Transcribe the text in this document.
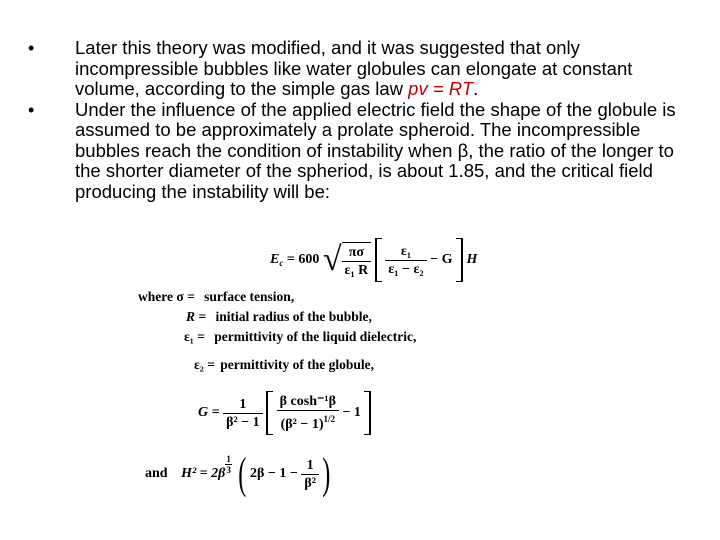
• Later this theory was modified, and it was suggested that only incompressible bubbles like water globules can elongate at constant volume, according to the simple gas law pv = RT.
• Under the influence of the applied electric field the shape of the globule is assumed to be approximately a prolate spheroid. The incompressible bubbles reach the condition of instability when β, the ratio of the longer to the shorter diameter of the spheriod, is about 1.85, and the critical field producing the instability will be:
$E_c = 600$ √ $\frac{\pi\sigma}{\text{ε₁ R}}$
$\frac{\text{ε₁}}{\text{ε₁ − ε₂}} - G$ H
where σ = surface tension,
R = initial radius of the bubble,
ε₁ = permittivity of the liquid dielectric,
ε₂ = permittivity of the globule,
$G = \frac{1}{\text{β² − 1}}$
$\frac{\text{β cosh⁻¹β}}{(\beta^2 - 1)^{1/2}} - 1$
and $H^2 = 2\beta \frac{1}{3}$ ( $2\beta - 1 - \frac{1}{\text{β²}}$ )
